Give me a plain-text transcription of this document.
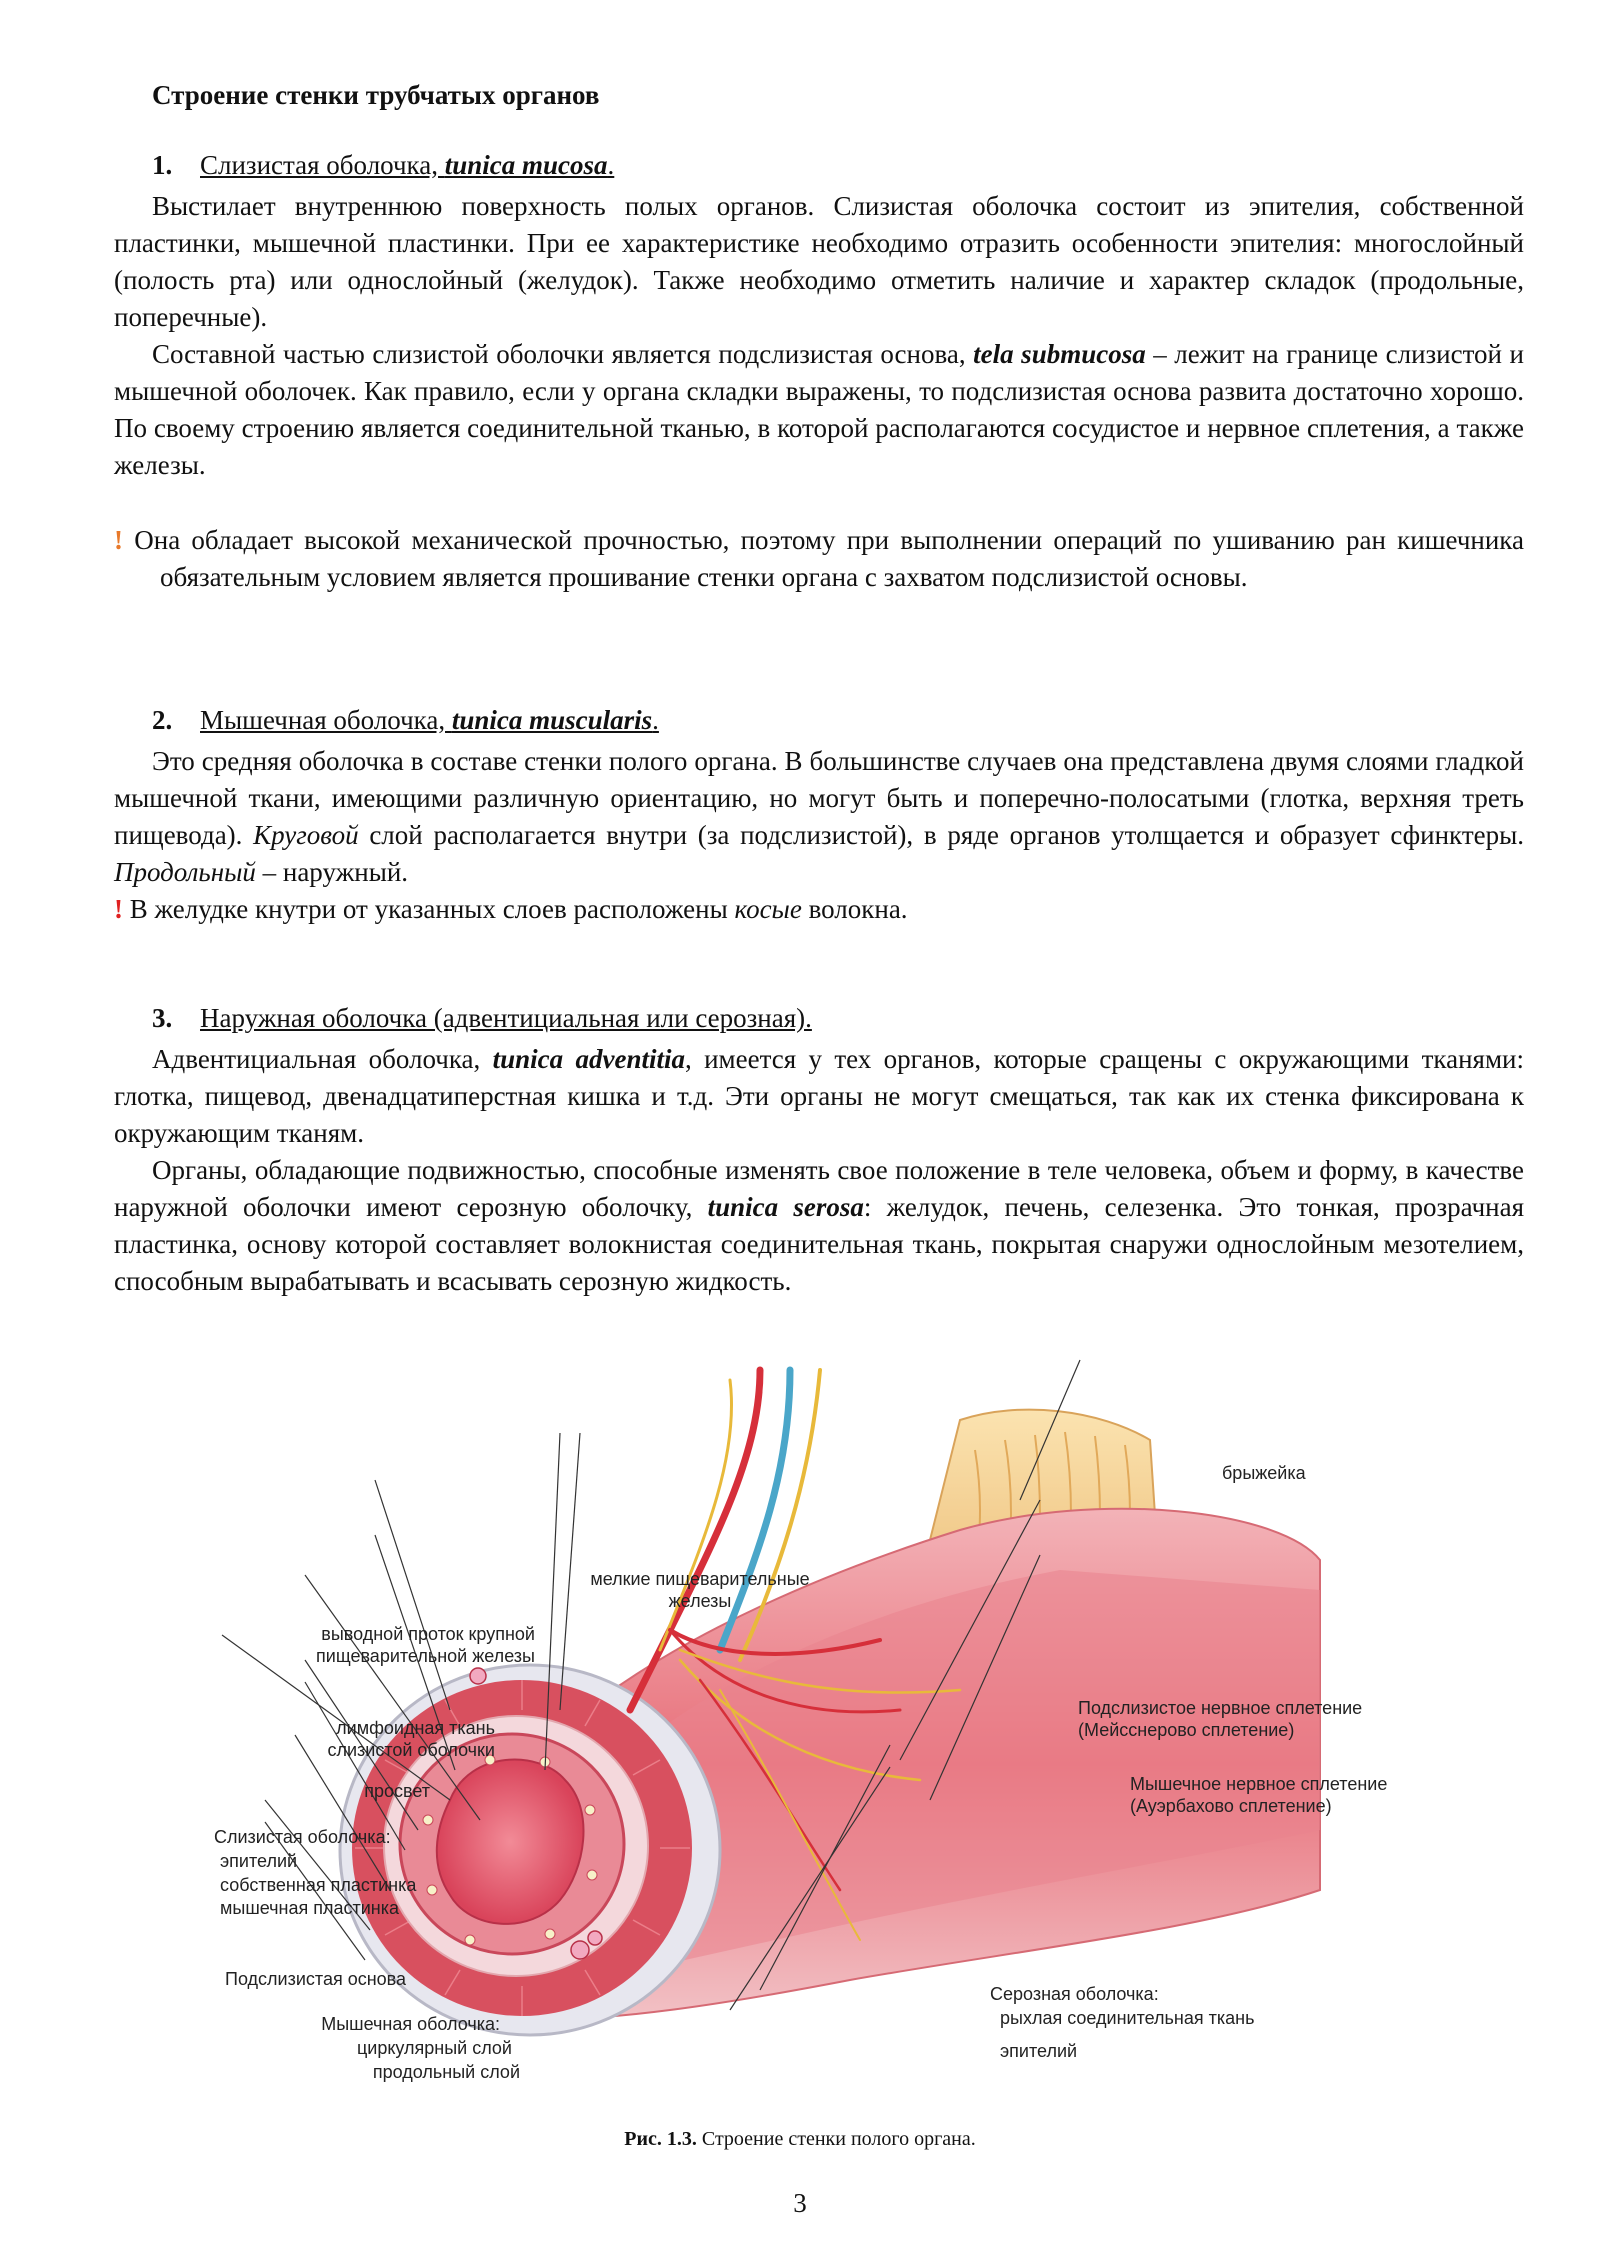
Строение стенки трубчатых органов
1. Слизистая оболочка, tunica mucosa.

Выстилает внутреннюю поверхность полых органов. Слизистая оболочка состоит из эпителия, собственной пластинки, мышечной пластинки. При ее характеристике необходимо отразить особенности эпителия: многослойный (полость рта) или однослойный (желудок). Также необходимо отметить наличие и характер складок (продольные, поперечные).

Составной частью слизистой оболочки является подслизистая основа, tela submucosa – лежит на границе слизистой и мышечной оболочек. Как правило, если у органа складки выражены, то подслизистая основа развита достаточно хорошо. По своему строению является соединительной тканью, в которой располагаются сосудистое и нервное сплетения, а также железы.

! Она обладает высокой механической прочностью, поэтому при выполнении операций по ушиванию ран кишечника обязательным условием является прошивание стенки органа с захватом подслизистой основы.
2. Мышечная оболочка, tunica muscularis.

Это средняя оболочка в составе стенки полого органа. В большинстве случаев она представлена двумя слоями гладкой мышечной ткани, имеющими различную ориентацию, но могут быть и поперечно-полосатыми (глотка, верхняя треть пищевода). Круговой слой располагается внутри (за подслизистой), в ряде органов утолщается и образует сфинктеры. Продольный – наружный.

! В желудке кнутри от указанных слоев расположены косые волокна.
3. Наружная оболочка (адвентициальная или серозная).

Адвентициальная оболочка, tunica adventitia, имеется у тех органов, которые сращены с окружающими тканями: глотка, пищевод, двенадцатиперстная кишка и т.д. Эти органы не могут смещаться, так как их стенка фиксирована к окружающим тканям.

Органы, обладающие подвижностью, способные изменять свое положение в теле человека, объем и форму, в качестве наружной оболочки имеют серозную оболочку, tunica serosa: желудок, печень, селезенка. Это тонкая, прозрачная пластинка, основу которой составляет волокнистая соединительная ткань, покрытая снаружи однослойным мезотелием, способным вырабатывать и всасывать серозную жидкость.

брыжейка
мелкие пищеварительные
железы
выводной проток крупной
пищеварительной железы
лимфоидная ткань
слизистой оболочки
просвет
Слизистая оболочка:
эпителий
собственная пластинка
мышечная пластинка
Подслизистая основа
Мышечная оболочка:
циркулярный слой
продольный слой
Подслизистое нервное сплетение
(Мейсснерово сплетение)
Мышечное нервное сплетение
(Ауэрбахово сплетение)
Серозная оболочка:
рыхлая соединительная ткань
эпителий
Рис. 1.3. Строение стенки полого органа.
3
